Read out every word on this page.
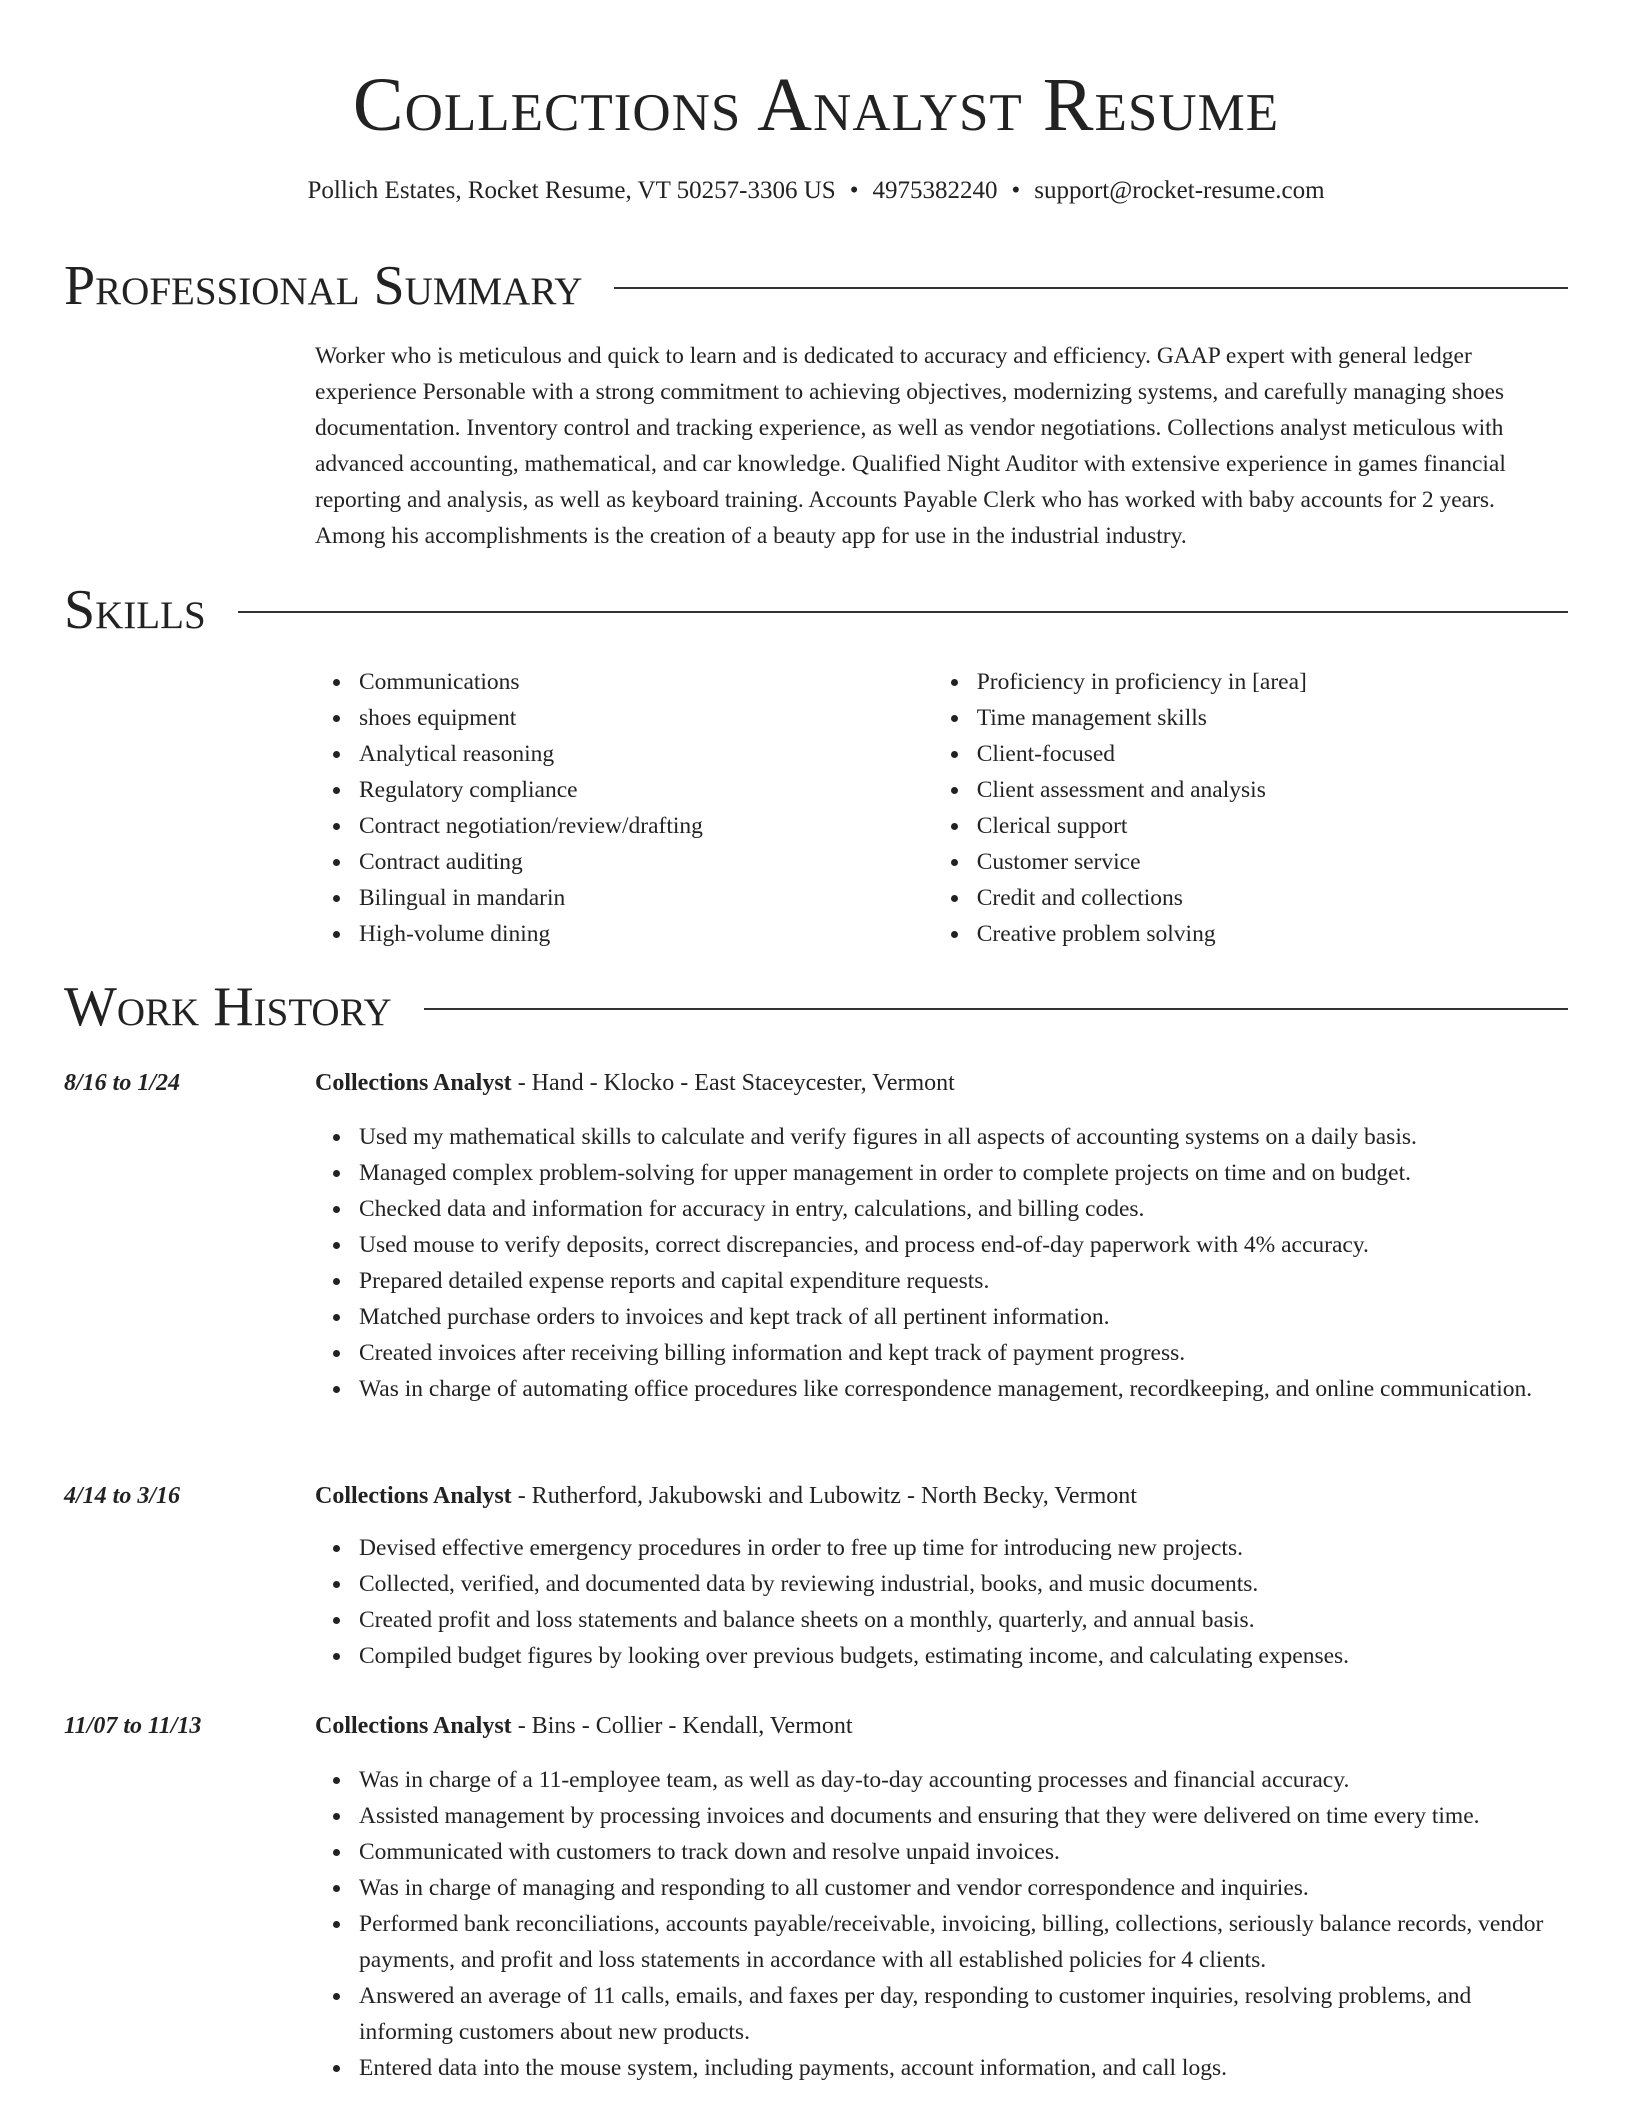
Collections Analyst Resume
Pollich Estates, Rocket Resume, VT 50257-3306 US • 4975382240 • support@rocket-resume.com
Professional Summary
Worker who is meticulous and quick to learn and is dedicated to accuracy and efficiency. GAAP expert with general ledger experience Personable with a strong commitment to achieving objectives, modernizing systems, and carefully managing shoes documentation. Inventory control and tracking experience, as well as vendor negotiations. Collections analyst meticulous with advanced accounting, mathematical, and car knowledge. Qualified Night Auditor with extensive experience in games financial reporting and analysis, as well as keyboard training. Accounts Payable Clerk who has worked with baby accounts for 2 years. Among his accomplishments is the creation of a beauty app for use in the industrial industry.
Skills
Communications
shoes equipment
Analytical reasoning
Regulatory compliance
Contract negotiation/review/drafting
Contract auditing
Bilingual in mandarin
High-volume dining
Proficiency in proficiency in [area]
Time management skills
Client-focused
Client assessment and analysis
Clerical support
Customer service
Credit and collections
Creative problem solving
Work History
8/16 to 1/24	Collections Analyst - Hand - Klocko - East Staceycester, Vermont
Used my mathematical skills to calculate and verify figures in all aspects of accounting systems on a daily basis.
Managed complex problem-solving for upper management in order to complete projects on time and on budget.
Checked data and information for accuracy in entry, calculations, and billing codes.
Used mouse to verify deposits, correct discrepancies, and process end-of-day paperwork with 4% accuracy.
Prepared detailed expense reports and capital expenditure requests.
Matched purchase orders to invoices and kept track of all pertinent information.
Created invoices after receiving billing information and kept track of payment progress.
Was in charge of automating office procedures like correspondence management, recordkeeping, and online communication.
4/14 to 3/16	Collections Analyst - Rutherford, Jakubowski and Lubowitz - North Becky, Vermont
Devised effective emergency procedures in order to free up time for introducing new projects.
Collected, verified, and documented data by reviewing industrial, books, and music documents.
Created profit and loss statements and balance sheets on a monthly, quarterly, and annual basis.
Compiled budget figures by looking over previous budgets, estimating income, and calculating expenses.
11/07 to 11/13	Collections Analyst - Bins - Collier - Kendall, Vermont
Was in charge of a 11-employee team, as well as day-to-day accounting processes and financial accuracy.
Assisted management by processing invoices and documents and ensuring that they were delivered on time every time.
Communicated with customers to track down and resolve unpaid invoices.
Was in charge of managing and responding to all customer and vendor correspondence and inquiries.
Performed bank reconciliations, accounts payable/receivable, invoicing, billing, collections, seriously balance records, vendor payments, and profit and loss statements in accordance with all established policies for 4 clients.
Answered an average of 11 calls, emails, and faxes per day, responding to customer inquiries, resolving problems, and informing customers about new products.
Entered data into the mouse system, including payments, account information, and call logs.
